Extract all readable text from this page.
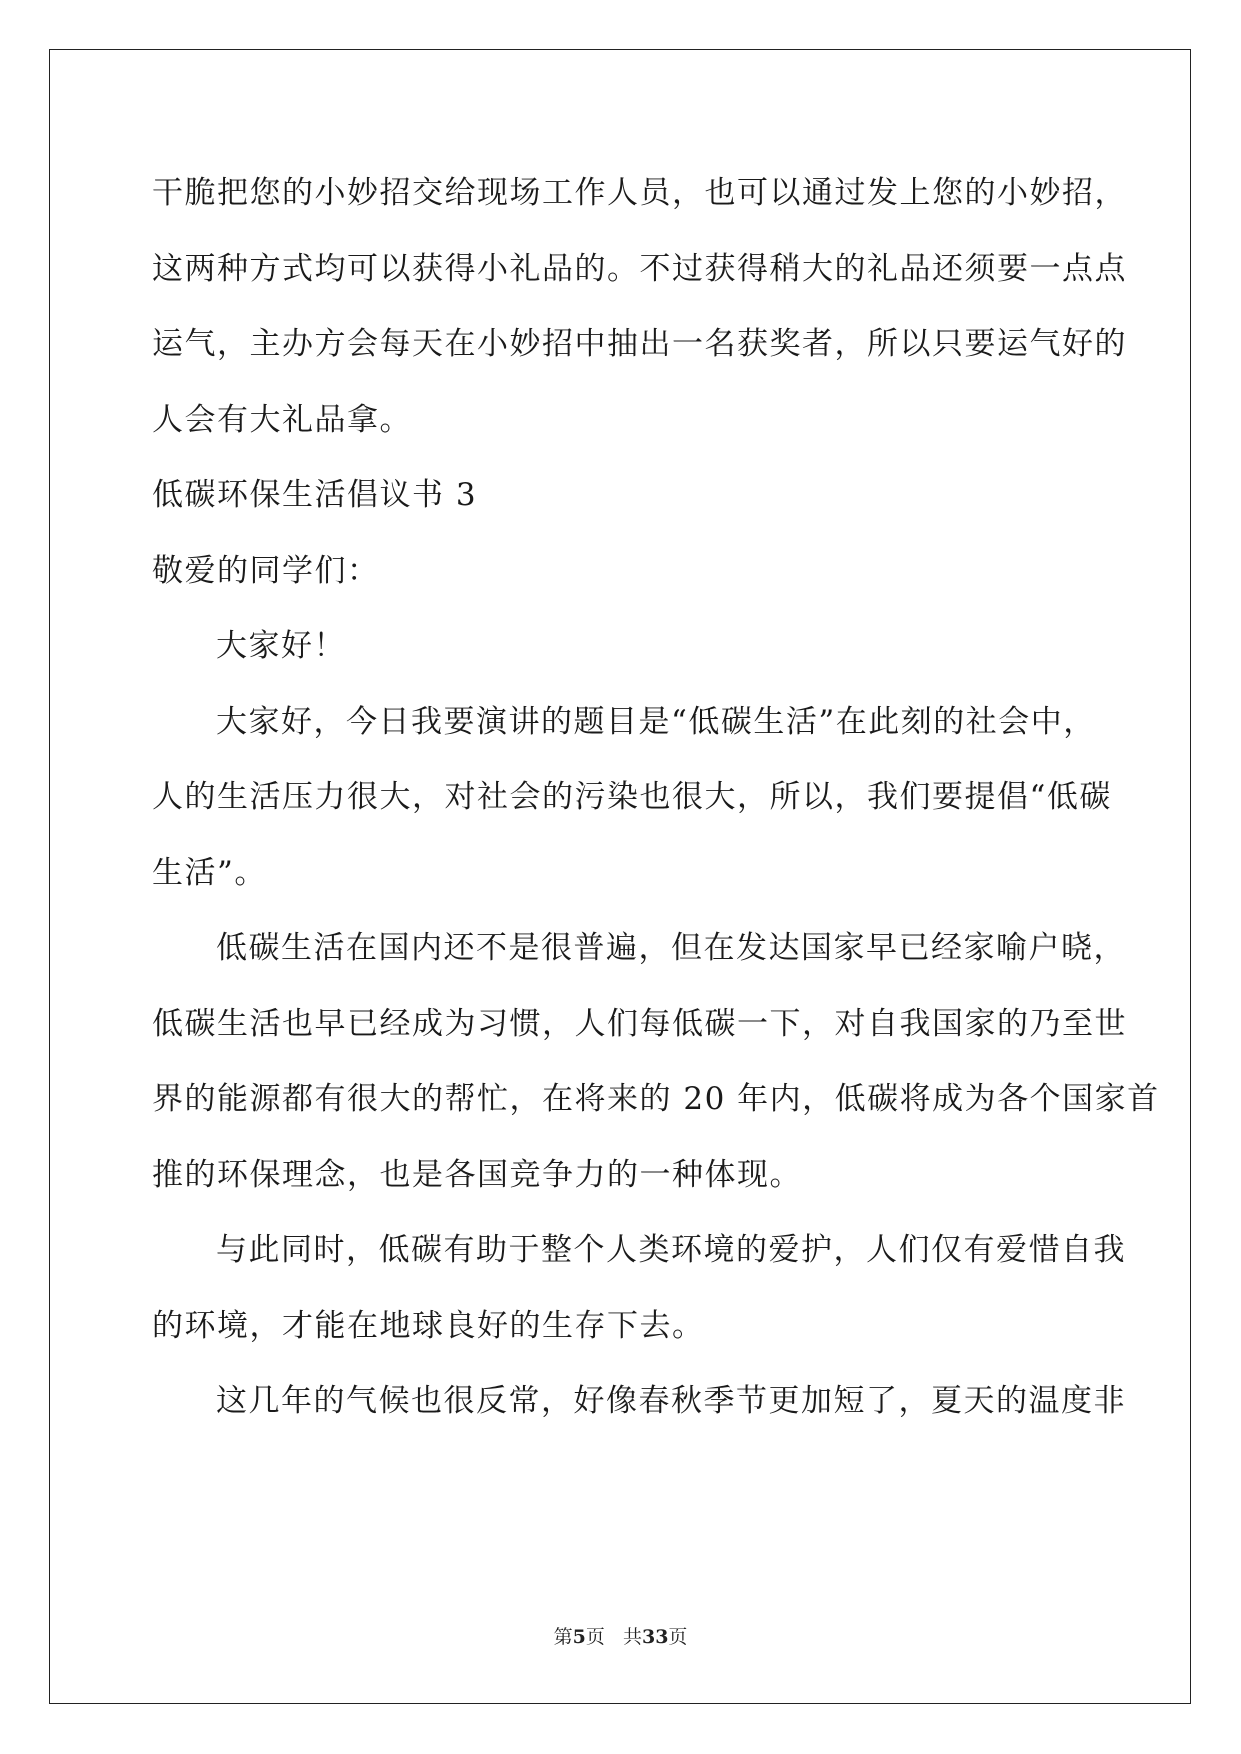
干脆把您的小妙招交给现场工作人员，也可以通过发上您的小妙招，
这两种方式均可以获得小礼品的。不过获得稍大的礼品还须要一点点
运气，主办方会每天在小妙招中抽出一名获奖者，所以只要运气好的
人会有大礼品拿。
低碳环保生活倡议书 3
敬爱的同学们：
大家好！
大家好，今日我要演讲的题目是“低碳生活”在此刻的社会中，
人的生活压力很大，对社会的污染也很大，所以，我们要提倡“低碳
生活”。
低碳生活在国内还不是很普遍，但在发达国家早已经家喻户晓，
低碳生活也早已经成为习惯，人们每低碳一下，对自我国家的乃至世
界的能源都有很大的帮忙，在将来的 20 年内，低碳将成为各个国家首
推的环保理念，也是各国竞争力的一种体现。
与此同时，低碳有助于整个人类环境的爱护，人们仅有爱惜自我
的环境，才能在地球良好的生存下去。
这几年的气候也很反常，好像春秋季节更加短了，夏天的温度非
第5页 共33页
